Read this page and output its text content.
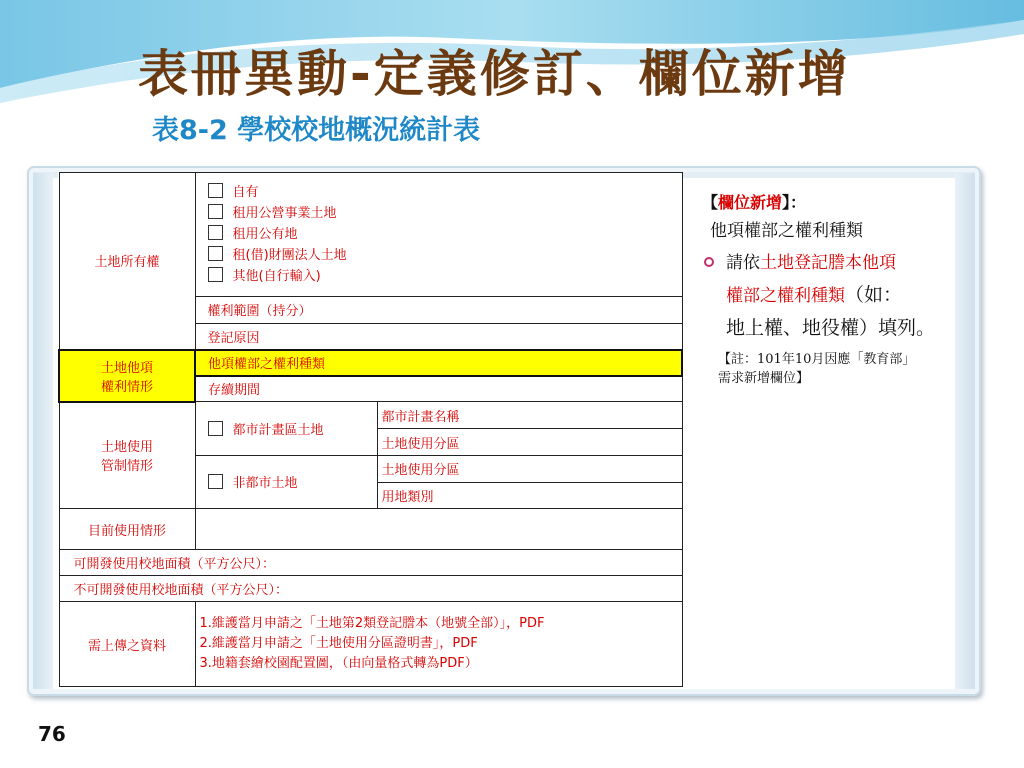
表冊異動-定義修訂、欄位新增
表8-2 學校校地概況統計表
土地所有權	自有
租用公營事業土地
租用公有地
租(借)財團法人土地
其他(自行輸入)	

	權利範圍（持分）	
	登記原因	

土地他項
權利情形	他項權部之權利種類	
	存續期間	

土地使用
管制情形	都市計畫區土地	都市計畫名稱
		土地使用分區
	非都市土地	土地使用分區
		用地類別
目前使用情形		
可開發使用校地面積（平方公尺）：		
不可開發使用校地面積（平方公尺）：		
需上傳之資料	1.維護當月申請之「土地第2類登記謄本（地號全部）」，PDF
2.維護當月申請之「土地使用分區證明書」，PDF
3.地籍套繪校園配置圖，（由向量格式轉為PDF）	
【欄位新增】：
他項權部之權利種類
請依土地登記謄本他項
權部之權利種類（如：
地上權、地役權）填列。
【註：101年10月因應「教育部」
需求新增欄位】
76
